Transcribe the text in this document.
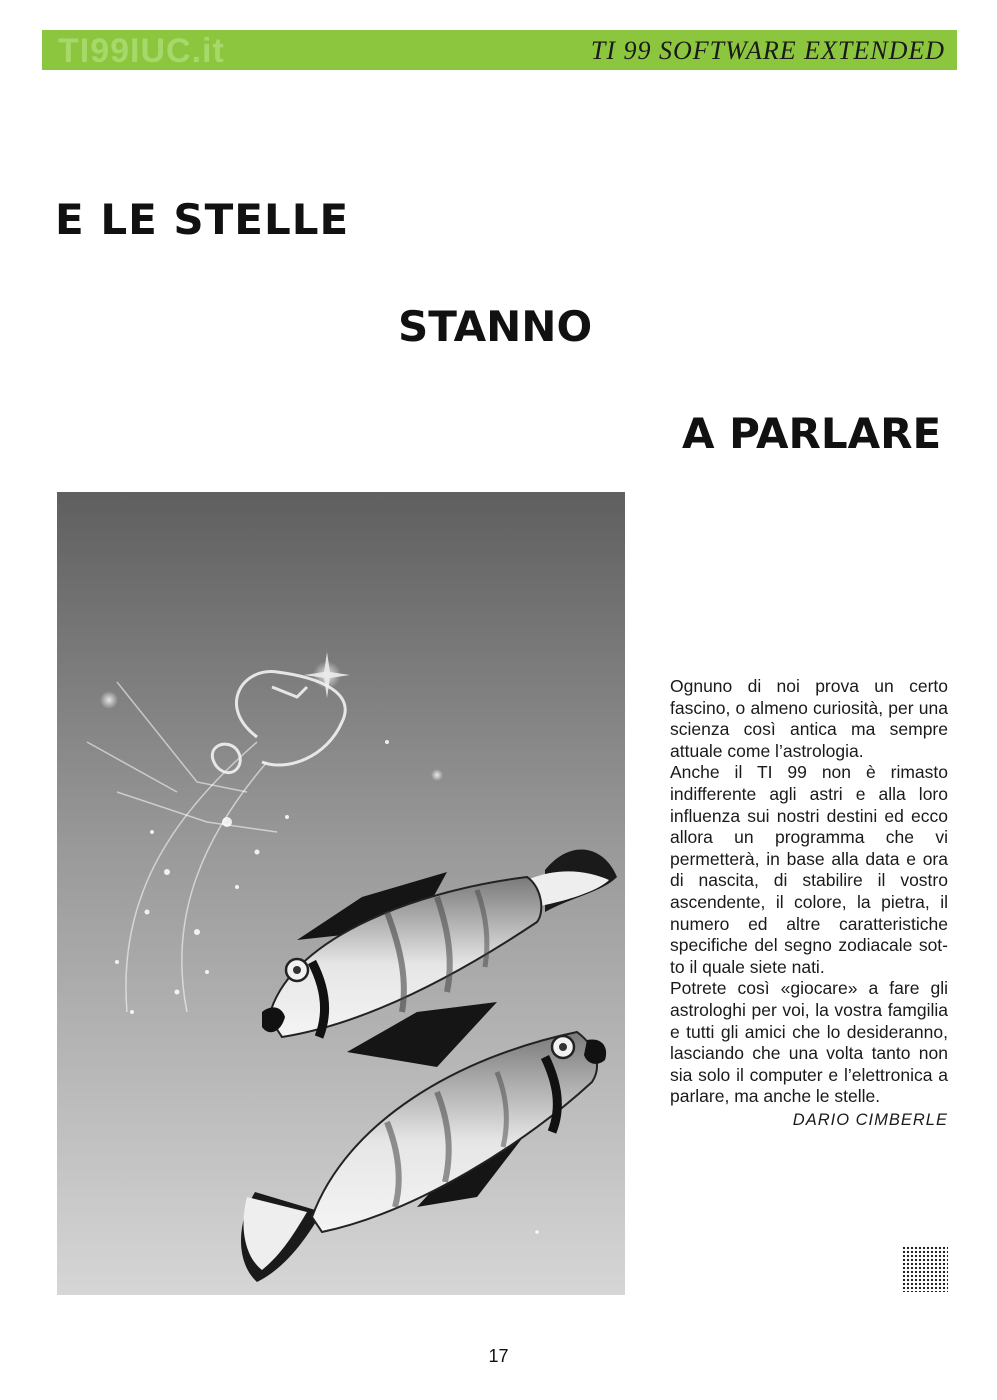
TI99IUC.it	TI 99 SOFTWARE EXTENDED
E LE STELLE
STANNO
A PARLARE

Ognuno di noi prova un certo fascino, o almeno curiosità, per una scienza così antica ma sempre attuale come l’astrologia.

Anche il TI 99 non è rimasto indifferente agli astri e alla loro influenza sui nostri destini ed ecco allora un programma che vi permetterà, in base alla data e ora di nascita, di stabilire il vostro ascendente, il colore, la pietra, il numero ed altre caratteristiche specifiche del segno zodiacale sotto il quale siete nati.

Potrete così «giocare» a fare gli astrologhi per voi, la vostra famgilia e tutti gli amici che lo desideranno, lasciando che una volta tanto non sia solo il computer e l’elettronica a parlare, ma anche le stelle.

DARIO CIMBERLE
17
